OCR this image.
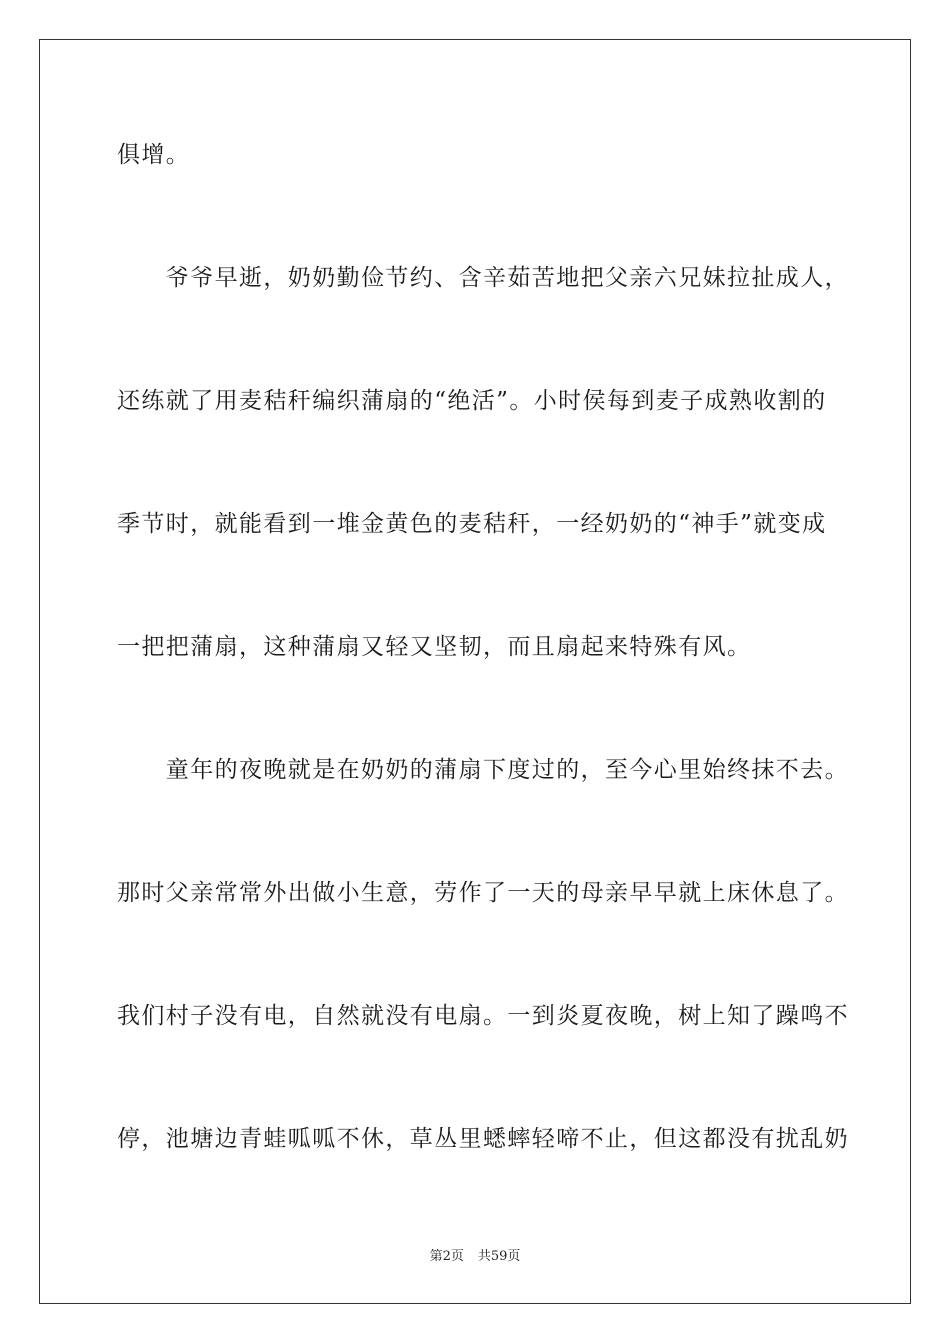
俱增。
　　爷爷早逝，奶奶勤俭节约、含辛茹苦地把父亲六兄妹拉扯成人，
还练就了用麦秸秆编织蒲扇的“绝活”。小时侯每到麦子成熟收割的
季节时，就能看到一堆金黄色的麦秸秆，一经奶奶的“神手”就变成
一把把蒲扇，这种蒲扇又轻又坚韧，而且扇起来特殊有风。
　　童年的夜晚就是在奶奶的蒲扇下度过的，至今心里始终抹不去。
那时父亲常常外出做小生意，劳作了一天的母亲早早就上床休息了。
我们村子没有电，自然就没有电扇。一到炎夏夜晚，树上知了躁鸣不
停，池塘边青蛙呱呱不休，草丛里蟋蟀轻啼不止，但这都没有扰乱奶
第2页 共59页
